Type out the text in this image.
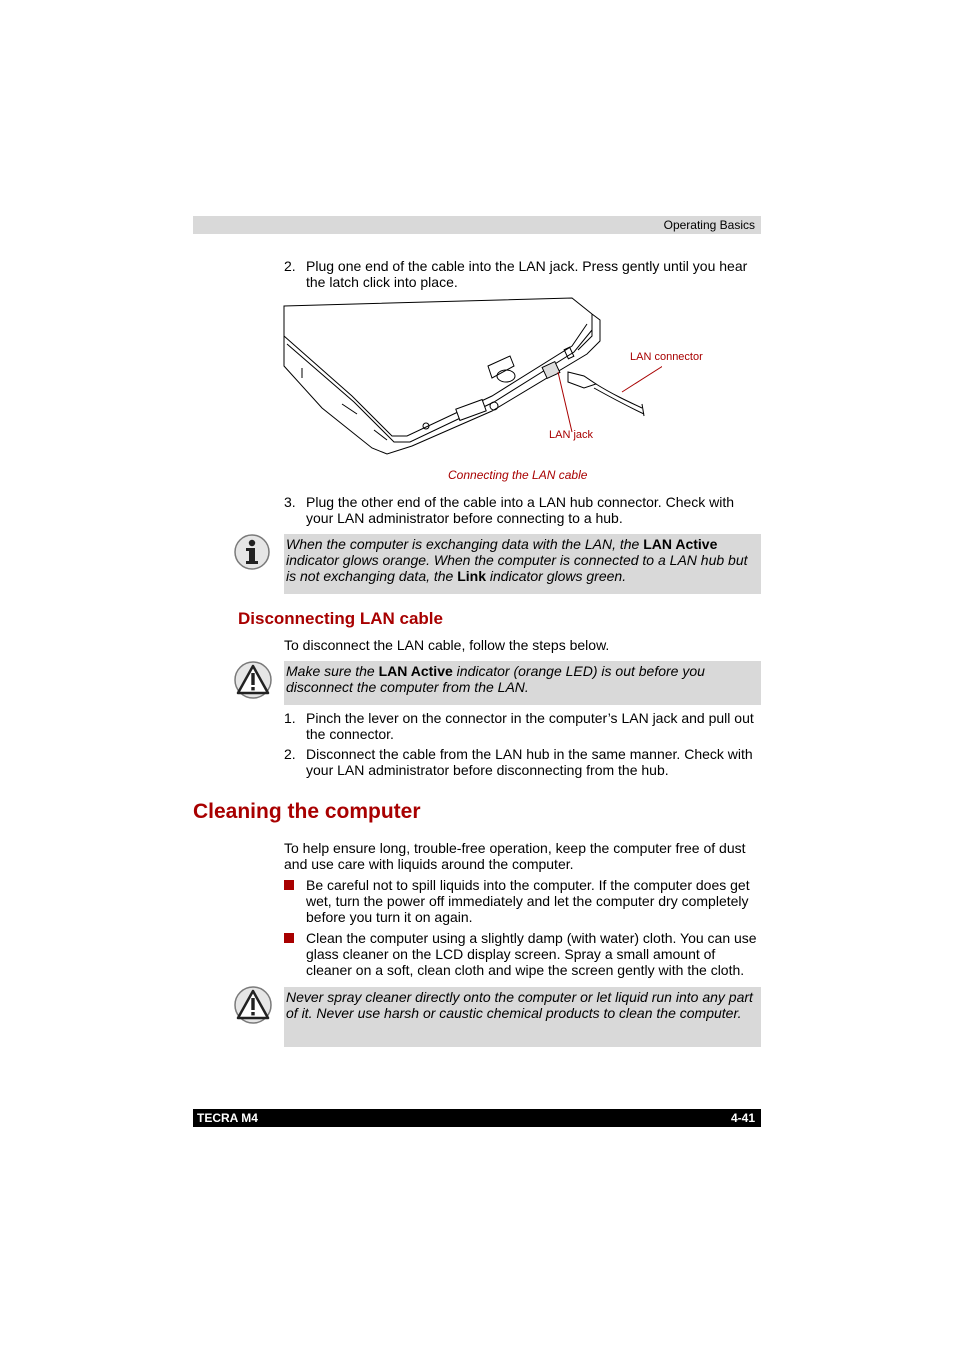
Operating Basics
2. Plug one end of the cable into the LAN jack. Press gently until you hear the latch click into place.
LAN connector
LAN jack
Connecting the LAN cable
3. Plug the other end of the cable into a LAN hub connector. Check with your LAN administrator before connecting to a hub.
When the computer is exchanging data with the LAN, the LAN Active indicator glows orange. When the computer is connected to a LAN hub but is not exchanging data, the Link indicator glows green.
Disconnecting LAN cable
To disconnect the LAN cable, follow the steps below.
Make sure the LAN Active indicator (orange LED) is out before you disconnect the computer from the LAN.
1. Pinch the lever on the connector in the computer’s LAN jack and pull out the connector.
2. Disconnect the cable from the LAN hub in the same manner. Check with your LAN administrator before disconnecting from the hub.
Cleaning the computer
To help ensure long, trouble-free operation, keep the computer free of dust and use care with liquids around the computer.
Be careful not to spill liquids into the computer. If the computer does get wet, turn the power off immediately and let the computer dry completely before you turn it on again.
Clean the computer using a slightly damp (with water) cloth. You can use glass cleaner on the LCD display screen. Spray a small amount of cleaner on a soft, clean cloth and wipe the screen gently with the cloth.
Never spray cleaner directly onto the computer or let liquid run into any part of it. Never use harsh or caustic chemical products to clean the computer.
TECRA M4	4-41
